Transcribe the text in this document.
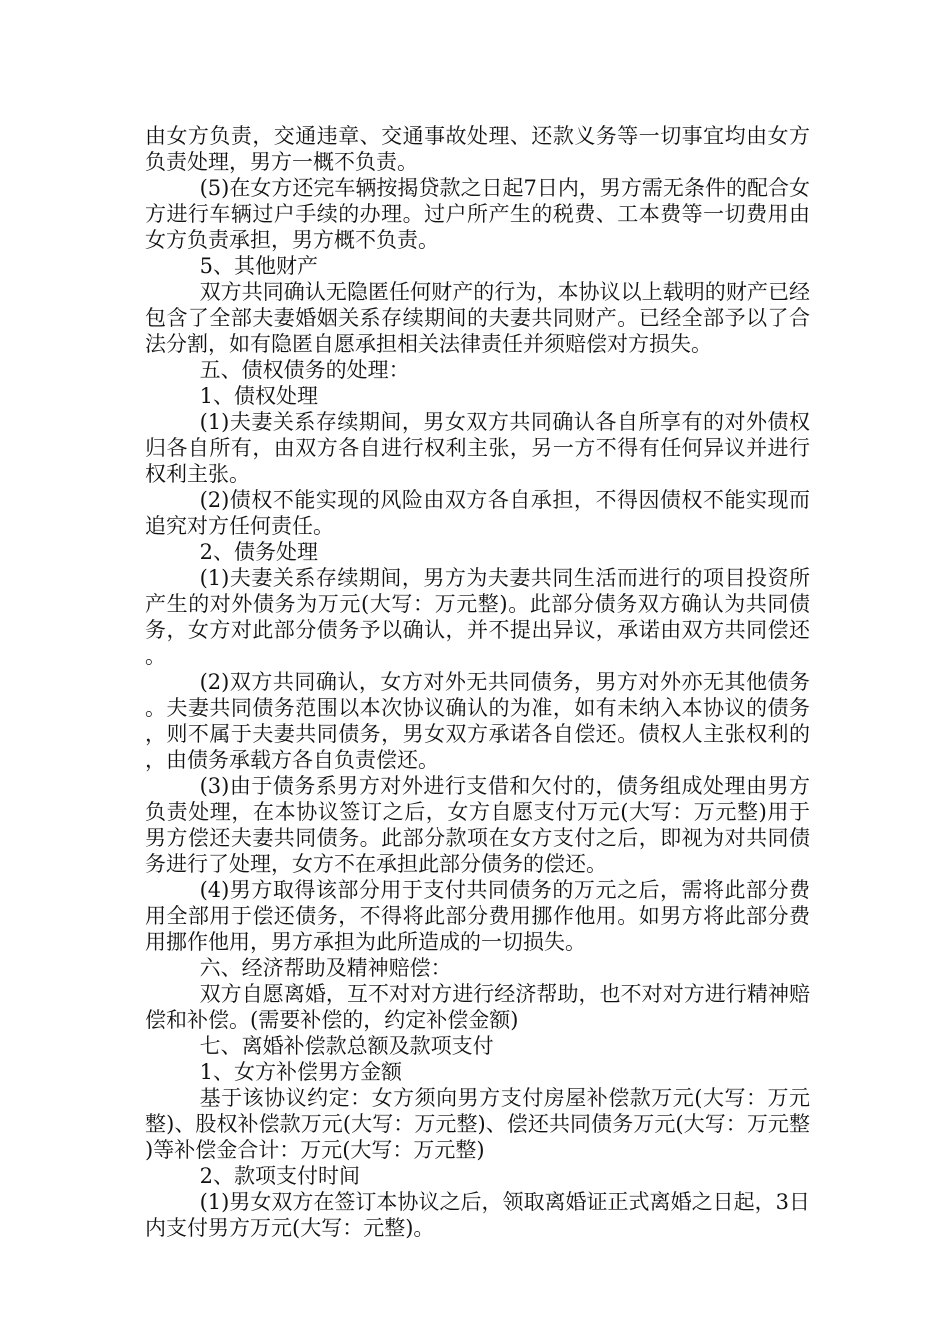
由女方负责，交通违章、交通事故处理、还款义务等一切事宜均由女方负责处理，男方一概不负责。

(5)在女方还完车辆按揭贷款之日起7日内，男方需无条件的配合女方进行车辆过户手续的办理。过户所产生的税费、工本费等一切费用由女方负责承担，男方概不负责。

5、其他财产

双方共同确认无隐匿任何财产的行为，本协议以上载明的财产已经包含了全部夫妻婚姻关系存续期间的夫妻共同财产。已经全部予以了合法分割，如有隐匿自愿承担相关法律责任并须赔偿对方损失。

五、债权债务的处理：

1、债权处理

(1)夫妻关系存续期间，男女双方共同确认各自所享有的对外债权归各自所有，由双方各自进行权利主张，另一方不得有任何异议并进行权利主张。

(2)债权不能实现的风险由双方各自承担，不得因债权不能实现而追究对方任何责任。

2、债务处理

(1)夫妻关系存续期间，男方为夫妻共同生活而进行的项目投资所产生的对外债务为万元(大写：万元整)。此部分债务双方确认为共同债务，女方对此部分债务予以确认，并不提出异议，承诺由双方共同偿还。

(2)双方共同确认，女方对外无共同债务，男方对外亦无其他债务。夫妻共同债务范围以本次协议确认的为准，如有未纳入本协议的债务，则不属于夫妻共同债务，男女双方承诺各自偿还。债权人主张权利的，由债务承载方各自负责偿还。

(3)由于债务系男方对外进行支借和欠付的，债务组成处理由男方负责处理，在本协议签订之后，女方自愿支付万元(大写：万元整)用于男方偿还夫妻共同债务。此部分款项在女方支付之后，即视为对共同债务进行了处理，女方不在承担此部分债务的偿还。

(4)男方取得该部分用于支付共同债务的万元之后，需将此部分费用全部用于偿还债务，不得将此部分费用挪作他用。如男方将此部分费用挪作他用，男方承担为此所造成的一切损失。

六、经济帮助及精神赔偿：

双方自愿离婚，互不对对方进行经济帮助，也不对对方进行精神赔偿和补偿。(需要补偿的，约定补偿金额)

七、离婚补偿款总额及款项支付

1、女方补偿男方金额

基于该协议约定：女方须向男方支付房屋补偿款万元(大写：万元整)、股权补偿款万元(大写：万元整)、偿还共同债务万元(大写：万元整)等补偿金合计：万元(大写：万元整)

2、款项支付时间

(1)男女双方在签订本协议之后，领取离婚证正式离婚之日起，3日内支付男方万元(大写：元整)。
